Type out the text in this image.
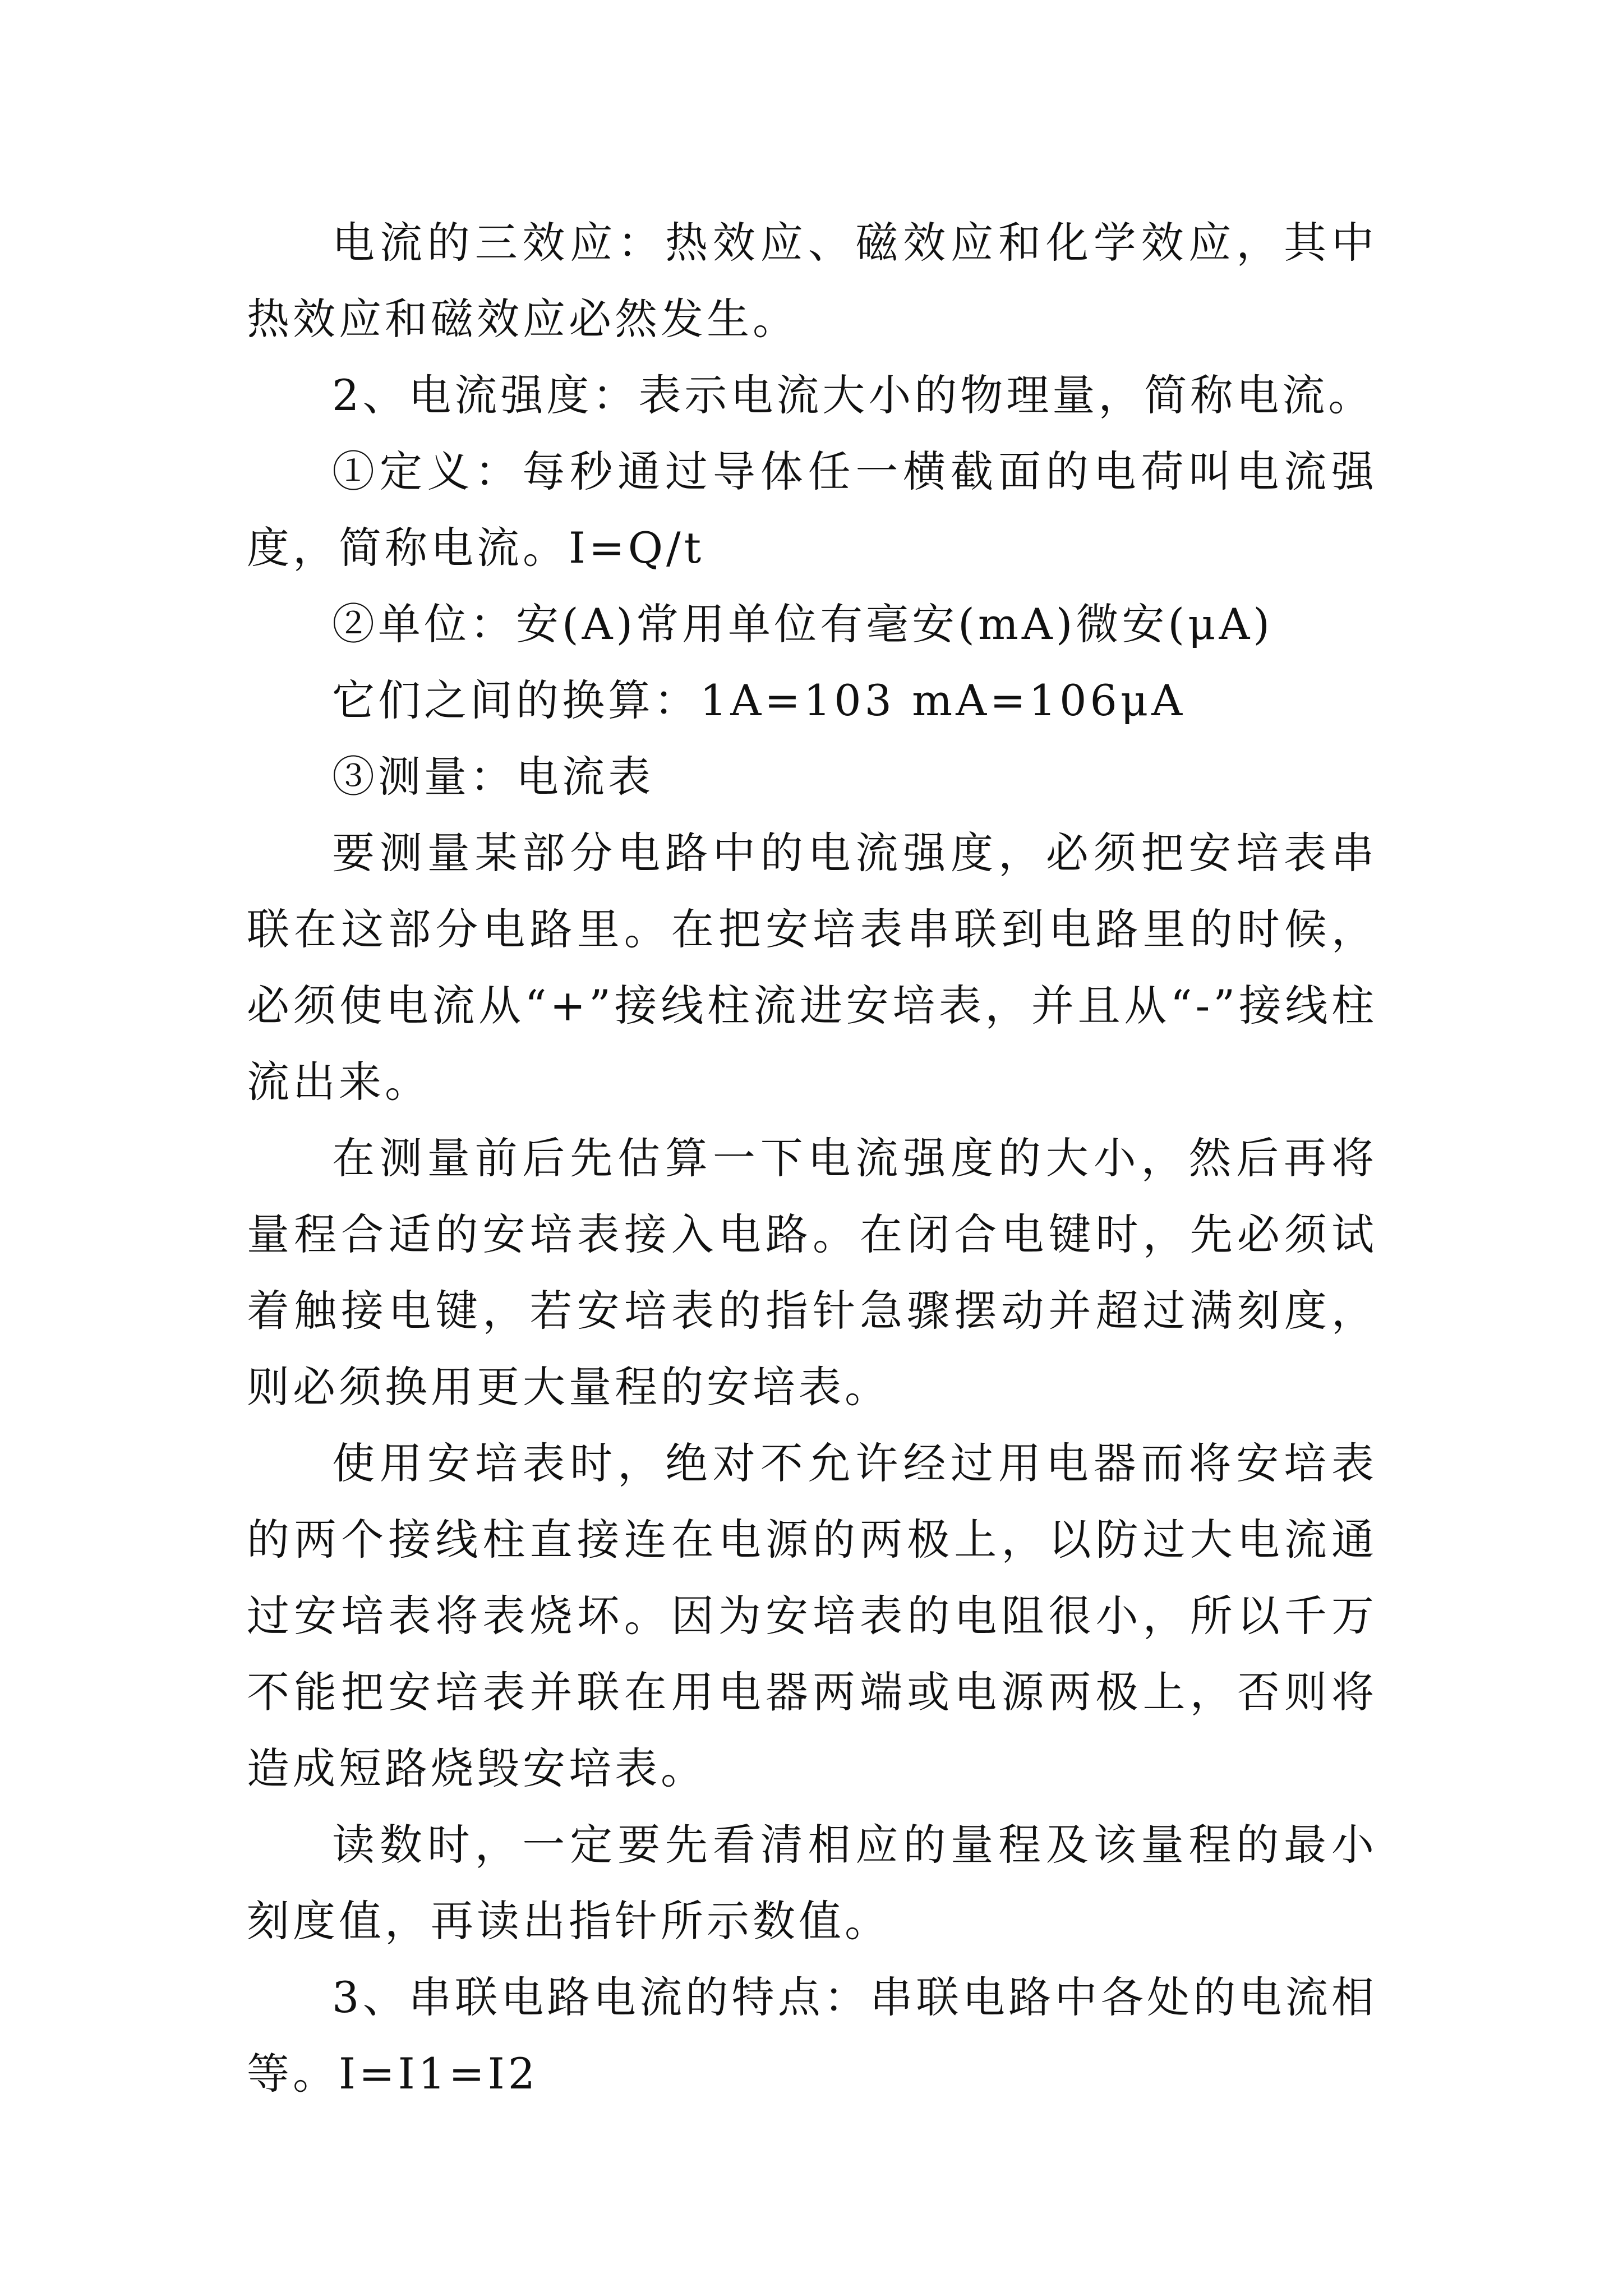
电流的三效应：热效应、磁效应和化学效应，其中热效应和磁效应必然发生。

2、电流强度：表示电流大小的物理量，简称电流。

①定义：每秒通过导体任一横截面的电荷叫电流强度，简称电流。I=Q/t

②单位：安(A)常用单位有毫安(mA)微安(μA)

它们之间的换算：1A=103 mA=106μA

③测量：电流表

要测量某部分电路中的电流强度，必须把安培表串联在这部分电路里。在把安培表串联到电路里的时候，必须使电流从“+”接线柱流进安培表，并且从“-”接线柱流出来。

在测量前后先估算一下电流强度的大小，然后再将量程合适的安培表接入电路。在闭合电键时，先必须试着触接电键，若安培表的指针急骤摆动并超过满刻度，则必须换用更大量程的安培表。

使用安培表时，绝对不允许经过用电器而将安培表的两个接线柱直接连在电源的两极上，以防过大电流通过安培表将表烧坏。因为安培表的电阻很小，所以千万不能把安培表并联在用电器两端或电源两极上，否则将造成短路烧毁安培表。

读数时，一定要先看清相应的量程及该量程的最小刻度值，再读出指针所示数值。

3、串联电路电流的特点：串联电路中各处的电流相等。I=I1=I2
